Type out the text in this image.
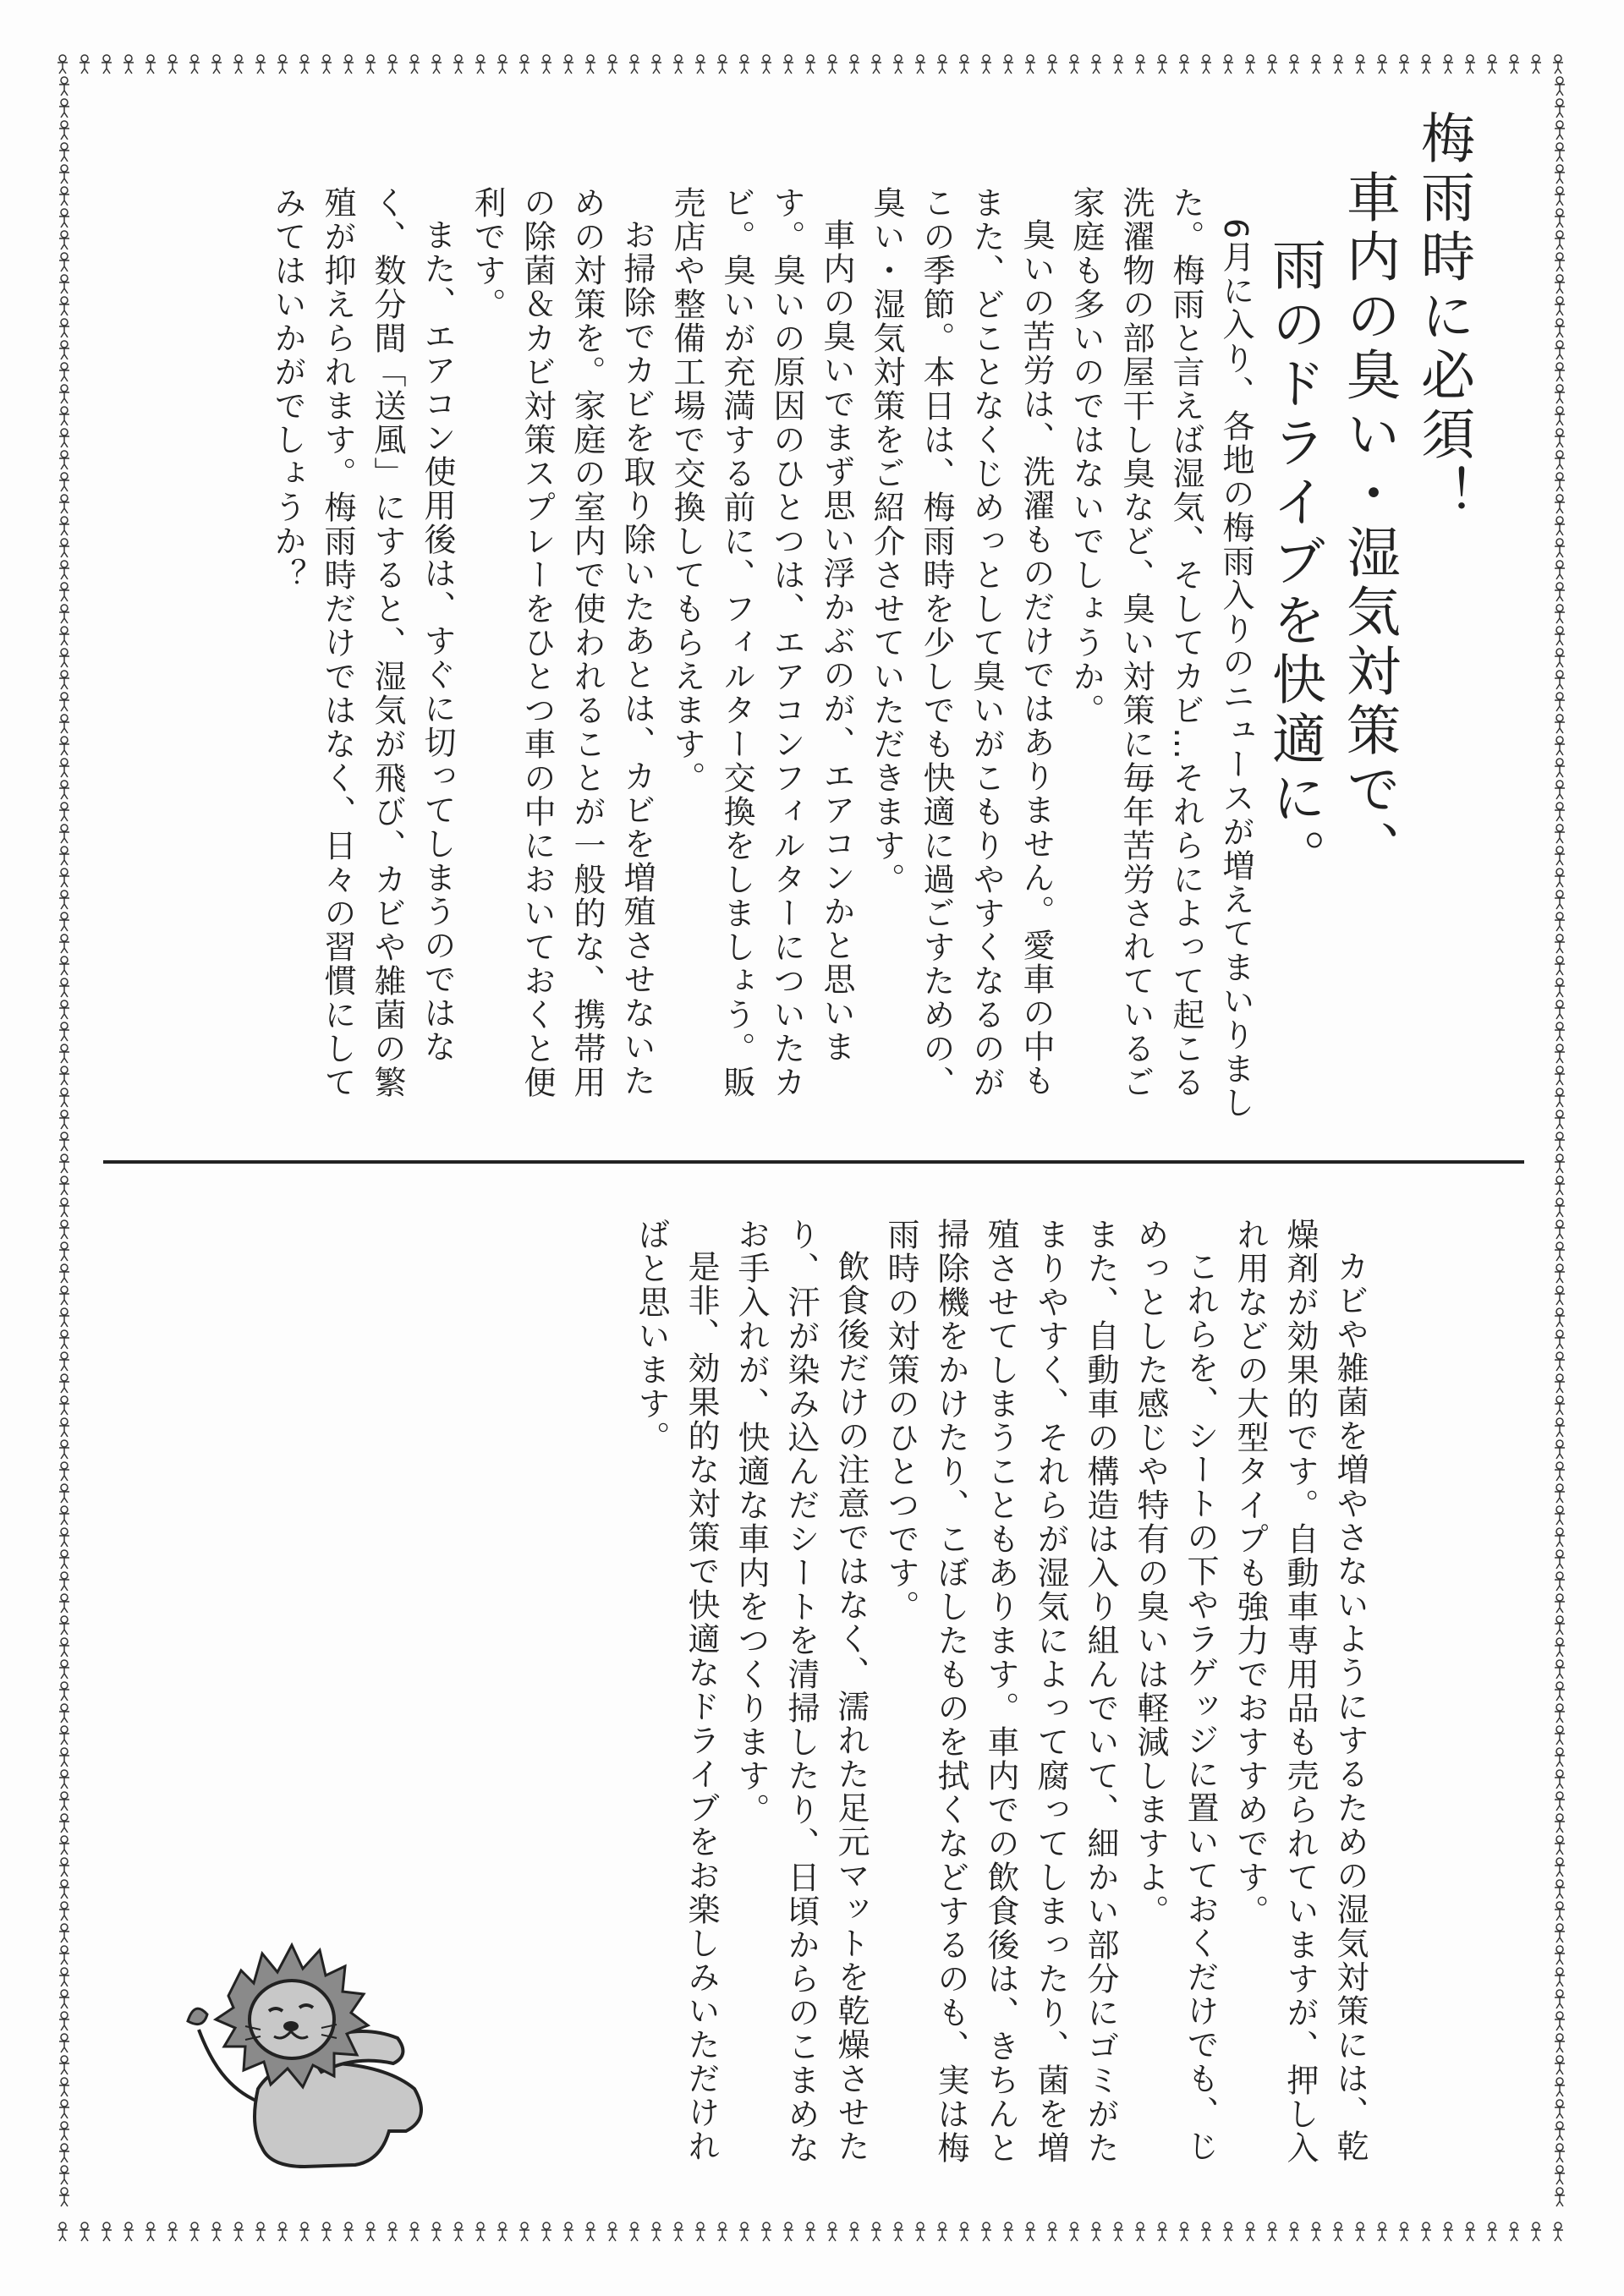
梅雨時に必須！

車内の臭い・湿気対策で、

雨のドライブを快適に。

6月に入り、各地の梅雨入りのニュースが増えてまいりました。梅雨と言えば湿気、そしてカビ…それらによって起こる洗濯物の部屋干し臭など、臭い対策に毎年苦労されているご家庭も多いのではないでしょうか。

臭いの苦労は、洗濯ものだけではありません。愛車の中もまた、どことなくじめっとして臭いがこもりやすくなるのがこの季節。本日は、梅雨時を少しでも快適に過ごすための、臭い・湿気対策をご紹介させていただきます。

車内の臭いでまず思い浮かぶのが、エアコンかと思います。臭いの原因のひとつは、エアコンフィルターについたカビ。臭いが充満する前に、フィルター交換をしましょう。販売店や整備工場で交換してもらえます。

お掃除でカビを取り除いたあとは、カビを増殖させないための対策を。家庭の室内で使われることが一般的な、携帯用の除菌＆カビ対策スプレーをひとつ車の中においておくと便利です。

また、エアコン使用後は、すぐに切ってしまうのではなく、数分間「送風」にすると、湿気が飛び、カビや雑菌の繁殖が抑えられます。梅雨時だけではなく、日々の習慣にしてみてはいかがでしょうか？

カビや雑菌を増やさないようにするための湿気対策には、乾燥剤が効果的です。自動車専用品も売られていますが、押し入れ用などの大型タイプも強力でおすすめです。

これらを、シートの下やラゲッジに置いておくだけでも、じめっとした感じや特有の臭いは軽減しますよ。

また、自動車の構造は入り組んでいて、細かい部分にゴミがたまりやすく、それらが湿気によって腐ってしまったり、菌を増殖させてしまうこともあります。車内での飲食後は、きちんと掃除機をかけたり、こぼしたものを拭くなどするのも、実は梅雨時の対策のひとつです。

飲食後だけの注意ではなく、濡れた足元マットを乾燥させたり、汗が染み込んだシートを清掃したり、日頃からのこまめなお手入れが、快適な車内をつくります。

是非、効果的な対策で快適なドライブをお楽しみいただければと思います。
